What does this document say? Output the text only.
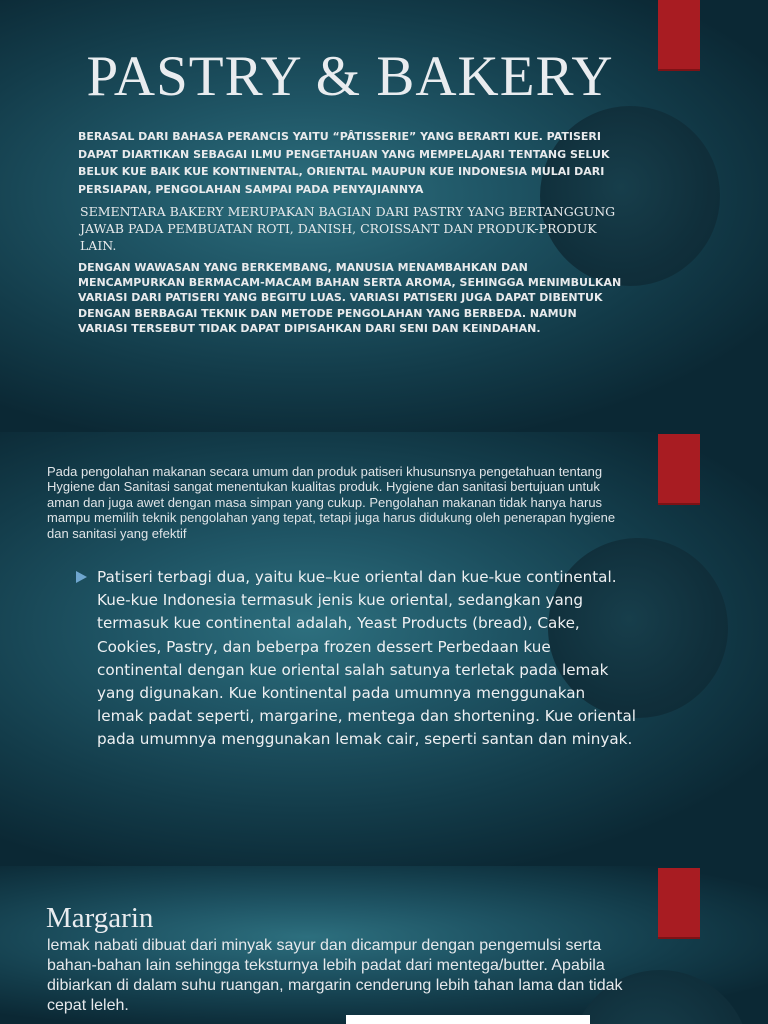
PASTRY & BAKERY

BERASAL DARI BAHASA PERANCIS YAITU “PÂTISSERIE” YANG BERARTI KUE. PATISERI DAPAT DIARTIKAN SEBAGAI ILMU PENGETAHUAN YANG MEMPELAJARI TENTANG SELUK BELUK KUE BAIK KUE KONTINENTAL, ORIENTAL MAUPUN KUE INDONESIA MULAI DARI PERSIAPAN, PENGOLAHAN SAMPAI PADA PENYAJIANNYA

SEMENTARA BAKERY MERUPAKAN BAGIAN DARI PASTRY YANG BERTANGGUNG JAWAB PADA PEMBUATAN ROTI, DANISH, CROISSANT DAN PRODUK-PRODUK LAIN.

DENGAN WAWASAN YANG BERKEMBANG, MANUSIA MENAMBAHKAN DAN MENCAMPURKAN BERMACAM-MACAM BAHAN SERTA AROMA, SEHINGGA MENIMBULKAN VARIASI DARI PATISERI YANG BEGITU LUAS. VARIASI PATISERI JUGA DAPAT DIBENTUK DENGAN BERBAGAI TEKNIK DAN METODE PENGOLAHAN YANG BERBEDA. NAMUN VARIASI TERSEBUT TIDAK DAPAT DIPISAHKAN DARI SENI DAN KEINDAHAN.

Pada pengolahan makanan secara umum dan produk patiseri khusunsnya pengetahuan tentang Hygiene dan Sanitasi sangat menentukan kualitas produk. Hygiene dan sanitasi bertujuan untuk aman dan juga awet dengan masa simpan yang cukup. Pengolahan makanan tidak hanya harus mampu memilih teknik pengolahan yang tepat, tetapi juga harus didukung oleh penerapan hygiene dan sanitasi yang efektif

Patiseri terbagi dua, yaitu kue–kue oriental dan kue-kue continental. Kue-kue Indonesia termasuk jenis kue oriental, sedangkan yang termasuk kue continental adalah, Yeast Products (bread), Cake, Cookies, Pastry, dan beberpa frozen dessert Perbedaan kue continental dengan kue oriental salah satunya terletak pada lemak yang digunakan. Kue kontinental pada umumnya menggunakan lemak padat seperti, margarine, mentega dan shortening. Kue oriental pada umumnya menggunakan lemak cair, seperti santan dan minyak.

Margarin

lemak nabati dibuat dari minyak sayur dan dicampur dengan pengemulsi serta bahan-bahan lain sehingga teksturnya lebih padat dari mentega/butter. Apabila dibiarkan di dalam suhu ruangan, margarin cenderung lebih tahan lama dan tidak cepat leleh.
